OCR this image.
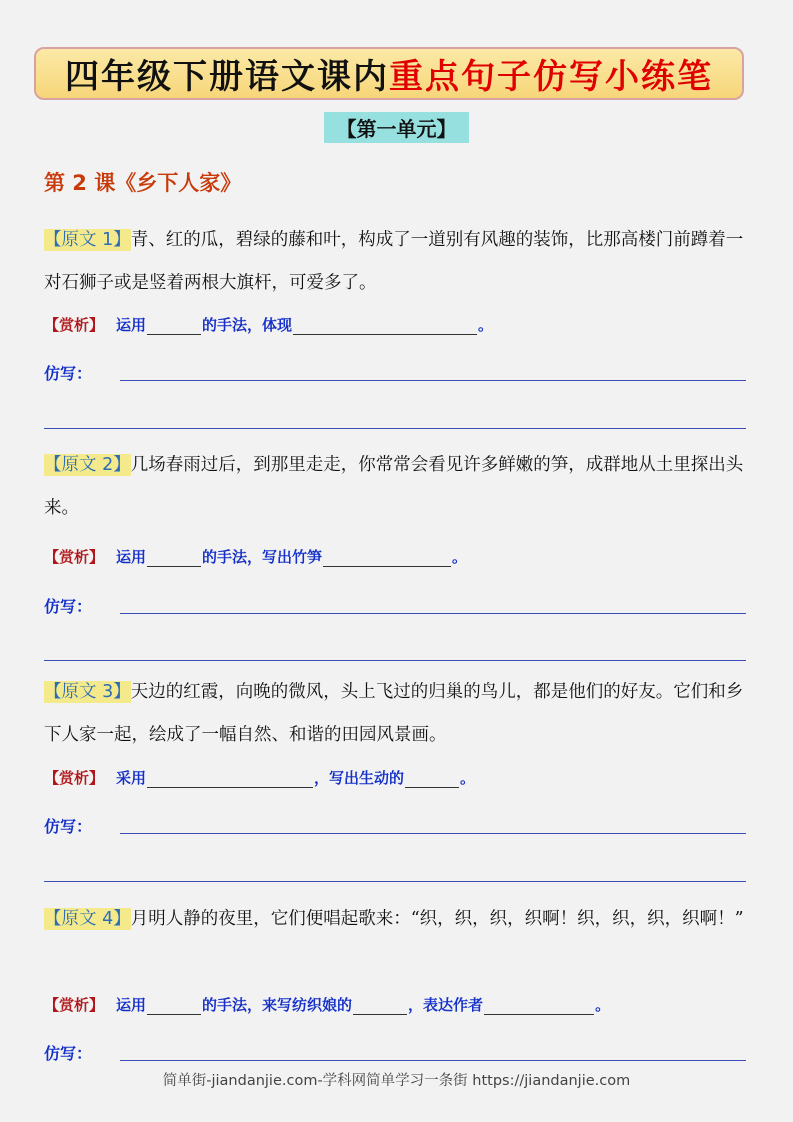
四年级下册语文课内 重点句子仿写小练笔
【第一单元】
第 2 课《乡下人家》
【原文 1】青、红的瓜，碧绿的藤和叶，构成了一道别有风趣的装饰，比那高楼门前蹲着一对石狮子或是竖着两根大旗杆，可爱多了。
【赏析】 运用	的手法，体现	。
仿写：
【原文 2】几场春雨过后，到那里走走，你常常会看见许多鲜嫩的笋，成群地从土里探出头来。
【赏析】 运用	的手法，写出竹笋	。
仿写：
【原文 3】天边的红霞，向晚的微风，头上飞过的归巢的鸟儿，都是他们的好友。它们和乡下人家一起，绘成了一幅自然、和谐的田园风景画。
【赏析】 采用	，写出生动的	。
仿写：
【原文 4】月明人静的夜里，它们便唱起歌来：“织，织，织，织啊！织，织，织，织啊！”
【赏析】 运用	的手法，来写纺织娘的	，表达作者	。
仿写：
简单街-jiandanjie.com-学科网简单学习一条街 https://jiandanjie.com
